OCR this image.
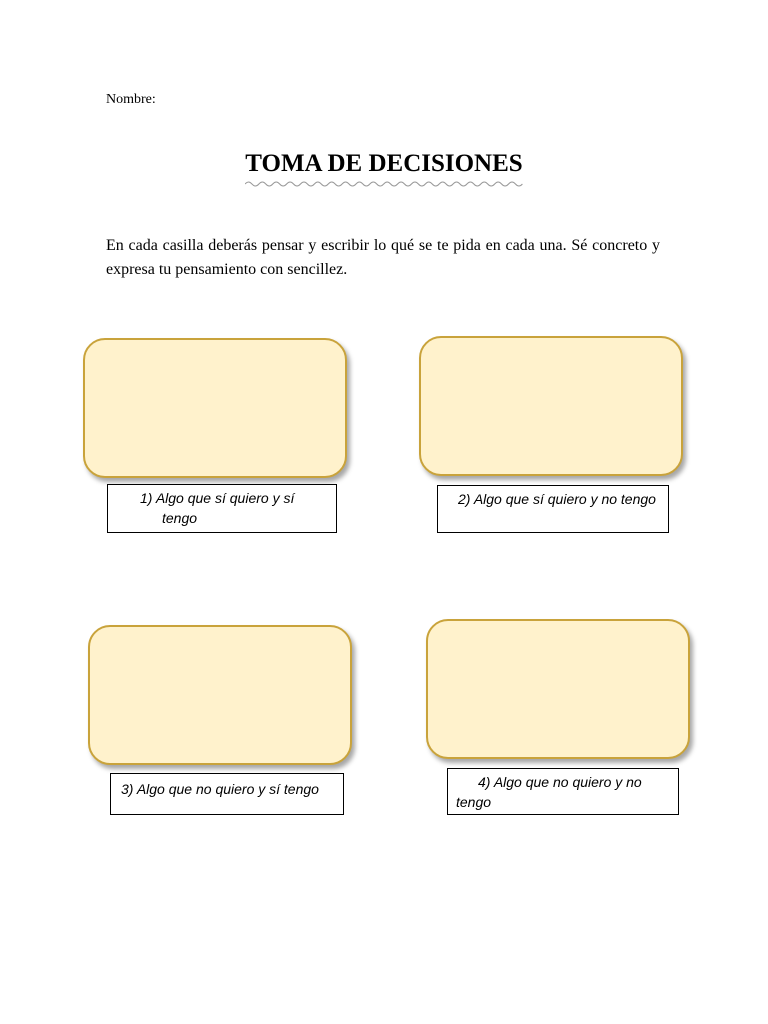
Nombre:
TOMA DE DECISIONES
En cada casilla deberás pensar y escribir lo qué se te pida en cada una. Sé concreto y expresa tu pensamiento con sencillez.
1) Algo que sí quiero y sí tengo
2) Algo que sí quiero y no tengo
3) Algo que no quiero y sí tengo	4) Algo que no quiero y no tengo
